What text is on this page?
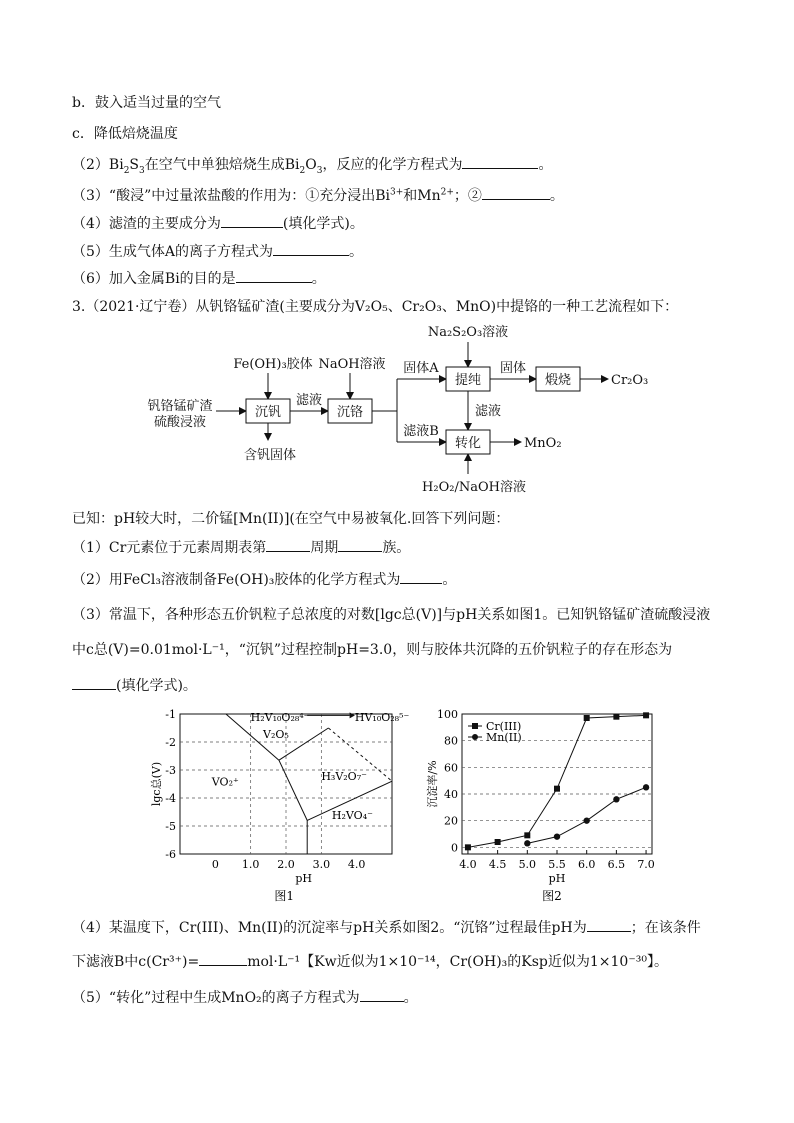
b．鼓入适当过量的空气
c．降低焙烧温度
$(2)Bi_2S_3$在空气中单独焙烧生成$Bi_2O_3$，反应的化学方程式为	。
（3）“酸浸”中过量浓盐酸的作用为：①充分浸出$Bi^{3+}$和$Mn^{2+}$；②	。
（4）滤渣的主要成分为	(填化学式)。
（5）生成气体A的离子方程式为	。
（6）加入金属Bi的目的是	。
3.（2021·辽宁卷）从钒铬锰矿渣(主要成分为V₂O₅、Cr₂O₃、MnO)中提铬的一种工艺流程如下：
钒铬锰矿渣
硫酸浸液
Fe(OH)₃胶体
沉钒
含钒固体
滤液
NaOH溶液
沉铬
固体A
滤液B
Na₂S₂O₃溶液
提纯
固体
煅烧	Cr₂O₃
滤液
转化	MnO₂
H₂O₂/NaOH溶液
已知：pH较大时，二价锰[Mn(II)](在空气中易被氧化.回答下列问题：
（1）Cr元素位于元素周期表第	周期	族。
（2）用FeCl₃溶液制备Fe(OH)₃胶体的化学方程式为	。
（3）常温下，各种形态五价钒粒子总浓度的对数[lgc总(V)]与pH关系如图1。已知钒铬锰矿渣硫酸浸液
中c总(V)=0.01mol·L⁻¹，“沉钒”过程控制pH=3.0，则与胶体共沉降的五价钒粒子的存在形态为
(填化学式)。
-1
-2
-3
-4
-5
-6
0 1.0 2.0 3.0 4.0
pH
lgc总(V)
图1
H₂V₁₀O₂₈⁴⁻	HV₁₀O₂₈⁵⁻
V₂O₅
VO₂⁺	H₃V₂O₇⁻
H₂VO₄⁻
0
20
40
60
80
100
4.0 4.5 5.0 5.5 6.0 6.5 7.0
pH
沉淀率/%
图2
Cr(III)
Mn(II)
（4）某温度下，Cr(III)、Mn(II)的沉淀率与pH关系如图2。“沉铬”过程最佳pH为	；在该条件
下滤液B中c(Cr³⁺)=	mol·L⁻¹【Kw近似为1×10⁻¹⁴，Cr(OH)₃的Ksp近似为1×10⁻³⁰】。
（5）“转化”过程中生成MnO₂的离子方程式为	。
